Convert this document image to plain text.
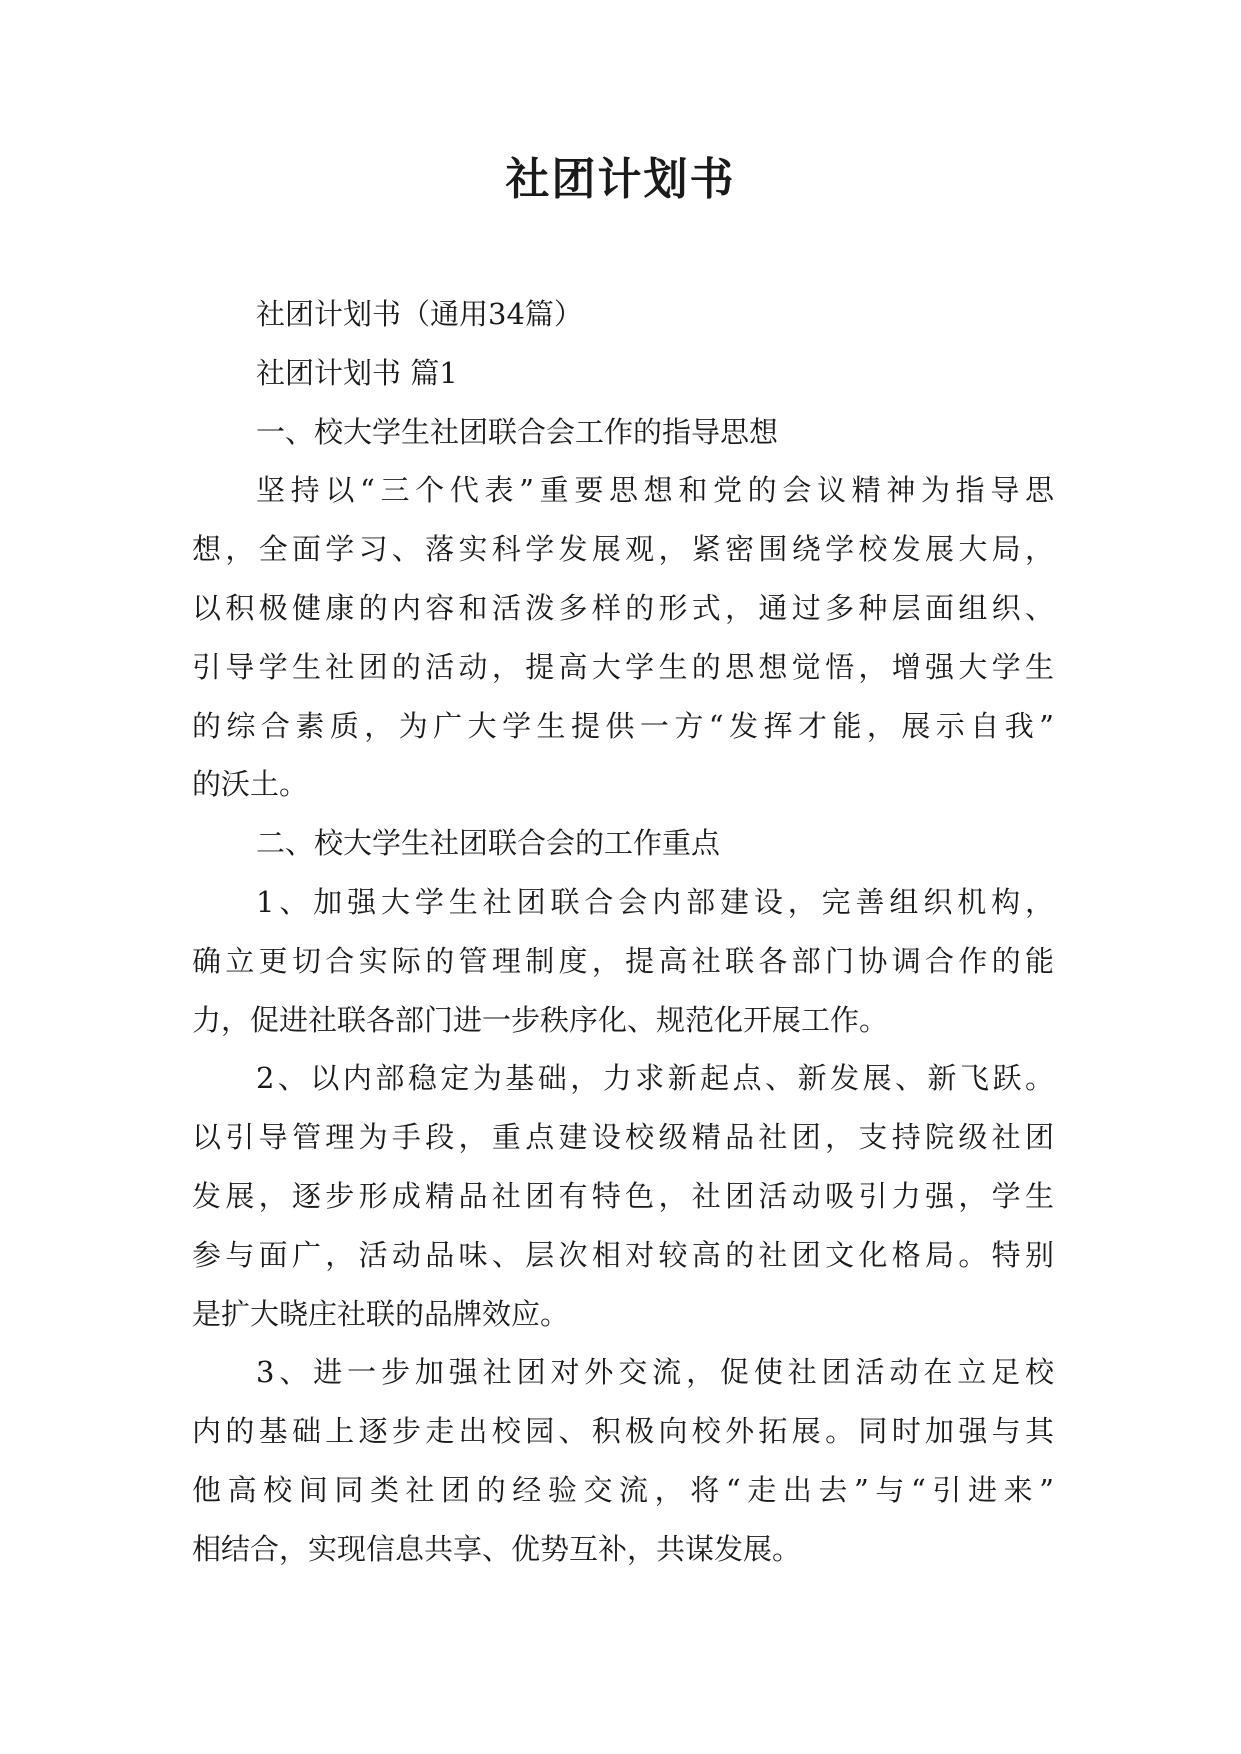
社团计划书

社团计划书（通用34篇）

社团计划书 篇1

一、校大学生社团联合会工作的指导思想

坚持以“三个代表”重要思想和党的会议精神为指导思

想，全面学习、落实科学发展观，紧密围绕学校发展大局，

以积极健康的内容和活泼多样的形式，通过多种层面组织、

引导学生社团的活动，提高大学生的思想觉悟，增强大学生

的综合素质，为广大学生提供一方“发挥才能，展示自我”

的沃土。

二、校大学生社团联合会的工作重点

1、加强大学生社团联合会内部建设，完善组织机构，

确立更切合实际的管理制度，提高社联各部门协调合作的能

力，促进社联各部门进一步秩序化、规范化开展工作。

2、以内部稳定为基础，力求新起点、新发展、新飞跃。

以引导管理为手段，重点建设校级精品社团，支持院级社团

发展，逐步形成精品社团有特色，社团活动吸引力强，学生

参与面广，活动品味、层次相对较高的社团文化格局。特别

是扩大晓庄社联的品牌效应。

3、进一步加强社团对外交流，促使社团活动在立足校

内的基础上逐步走出校园、积极向校外拓展。同时加强与其

他高校间同类社团的经验交流，将“走出去”与“引进来”

相结合，实现信息共享、优势互补，共谋发展。
